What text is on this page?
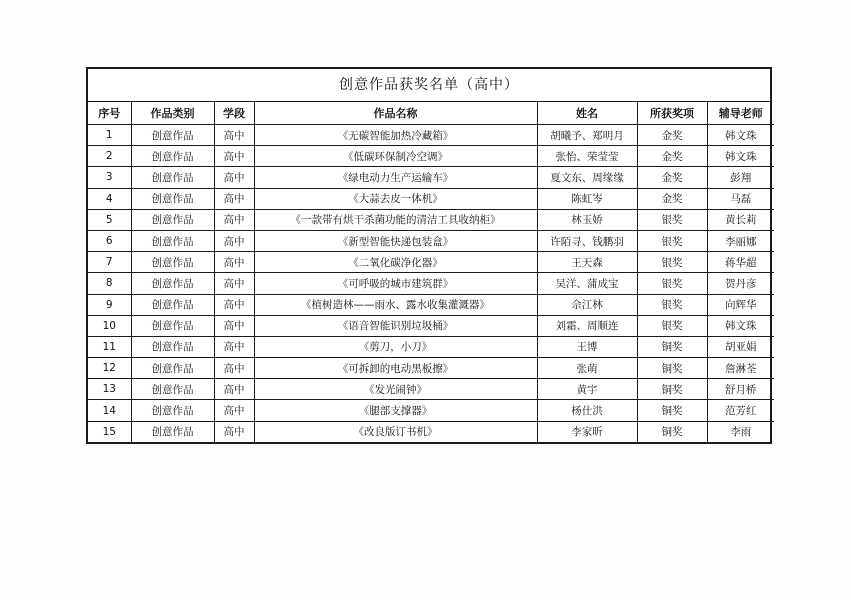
创意作品获奖名单（高中）
序号	作品类别	学段	作品名称	姓名	所获奖项	辅导老师
1	创意作品	高中	《无碳智能加热冷藏箱》	胡曦予、郑明月	金奖	韩文珠
2	创意作品	高中	《低碳环保制冷空调》	张怡、荣莹莹	金奖	韩文珠
3	创意作品	高中	《绿电动力生产运输车》	夏文东、周缘缘	金奖	彭翔
4	创意作品	高中	《大蒜去皮一体机》	陈虹岑	金奖	马磊
5	创意作品	高中	《一款带有烘干杀菌功能的清洁工具收纳柜》	林玉娇	银奖	黄长莉
6	创意作品	高中	《新型智能快递包装盒》	许陌寻、钱鹏羽	银奖	李丽娜
7	创意作品	高中	《二氧化碳净化器》	王天森	银奖	蒋华超
8	创意作品	高中	《可呼吸的城市建筑群》	吴洋、蒲成宝	银奖	贺丹彦
9	创意作品	高中	《植树造林——雨水、露水收集灌溉器》	佘江林	银奖	向辉华
10	创意作品	高中	《语音智能识别垃圾桶》	刘霜、周顺连	银奖	韩文珠
11	创意作品	高中	《剪刀，小刀》	王博	铜奖	胡亚娟
12	创意作品	高中	《可拆卸的电动黑板擦》	张萌	铜奖	詹淋荃
13	创意作品	高中	《发光闹钟》	黄宇	铜奖	舒月桥
14	创意作品	高中	《腿部支撑器》	杨仕洪	铜奖	范芳红
15	创意作品	高中	《改良版订书机》	李家昕	铜奖	李雨
